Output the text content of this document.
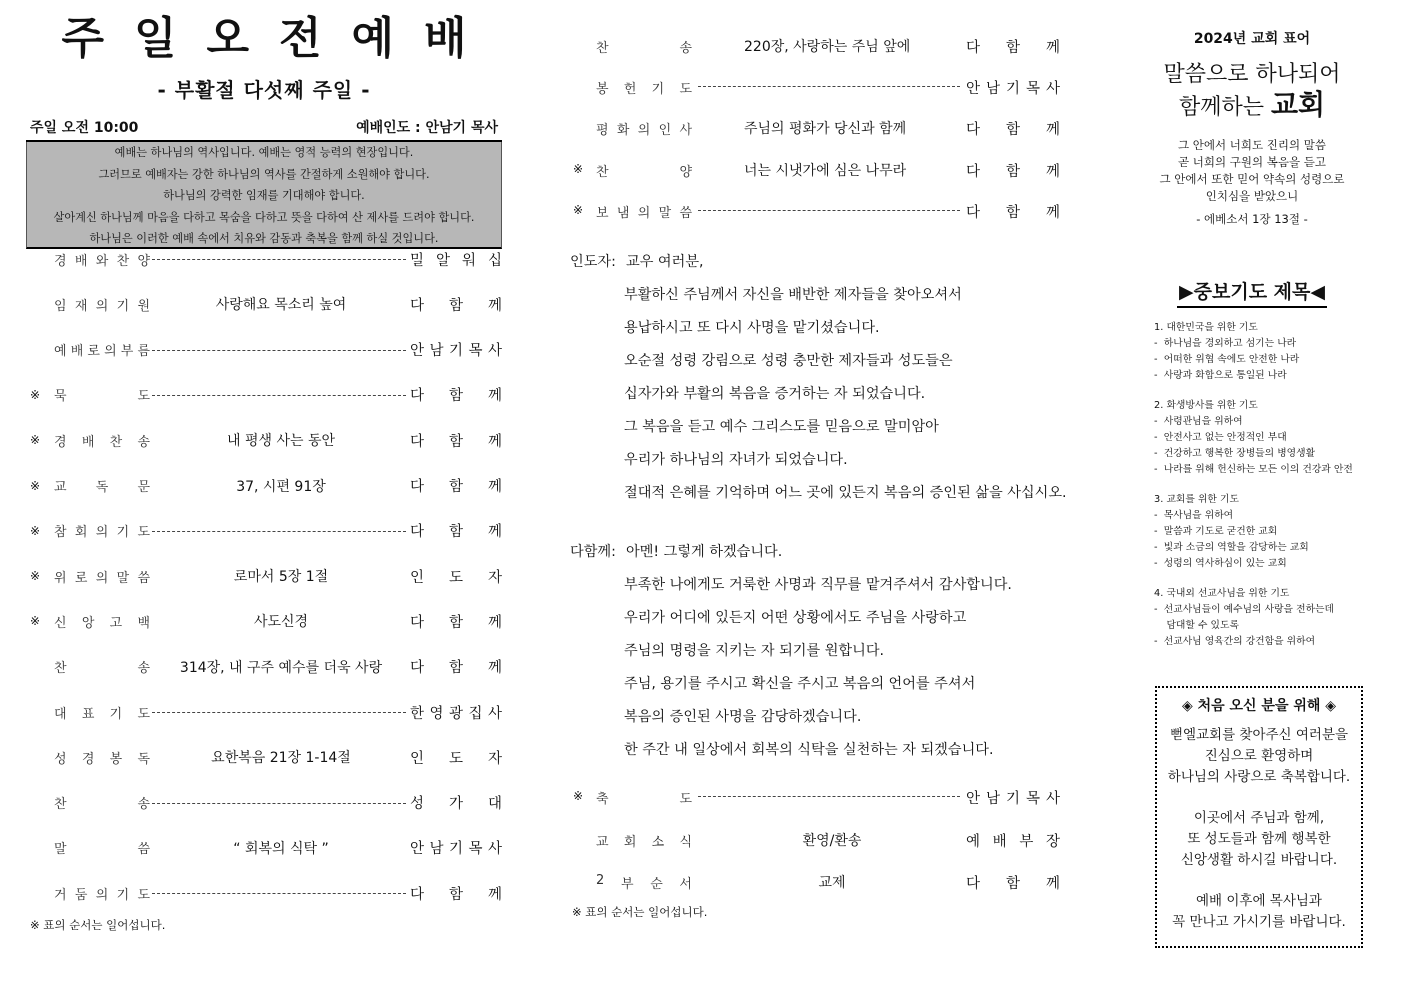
주일오전예배
- 부활절 다섯째 주일 -
주일 오전 10:00	예배인도 : 안남기 목사
예배는 하나님의 역사입니다. 예배는 영적 능력의 현장입니다.
그러므로 예배자는 강한 하나님의 역사를 간절하게 소원해야 합니다.
하나님의 강력한 임재를 기대해야 합니다.
살아계신 하나님께 마음을 다하고 목숨을 다하고 뜻을 다하여 산 제사를 드려야 합니다.
하나님은 이러한 예배 속에서 치유와 감동과 축복을 함께 하실 것입니다.
경 배 와 찬 양	밀 알 워 십
임 재 의 기 원	사랑해요 목소리 높여	다 함 께
예 배 로 의 부 름	안 남 기 목 사
※	묵	도	다 함 께
※	경 배 찬 송	내 평생 사는 동안	다 함 께
※	교 독 문	37, 시편 91장	다 함 께
※	참 회 의 기 도	다 함 께
※	위 로 의 말 씀	로마서 5장 1절	인 도 자
※	신 앙 고 백	사도신경	다 함 께
찬	송	314장, 내 구주 예수를 더욱 사랑	다 함 께
대 표 기 도	한 영 광 집 사
성 경 봉 독	요한복음 21장 1-14절	인 도 자
찬	송	성 가 대
말	씀	“ 회복의 식탁 ”	안 남 기 목 사
거 둠 의 기 도	다 함 께
※ 표의 순서는 일어섭니다.
찬	송	220장, 사랑하는 주님 앞에	다 함 께
봉 헌 기 도	안 남 기 목 사
평 화 의 인 사	주님의 평화가 당신과 함께	다 함 께
※ 찬	양	너는 시냇가에 심은 나무라	다 함 께
※ 보 냄 의 말 씀	다 함 께
인도자: 교우 여러분,
부활하신 주님께서 자신을 배반한 제자들을 찾아오셔서
용납하시고 또 다시 사명을 맡기셨습니다.
오순절 성령 강림으로 성령 충만한 제자들과 성도들은
십자가와 부활의 복음을 증거하는 자 되었습니다.
그 복음을 듣고 예수 그리스도를 믿음으로 말미암아
우리가 하나님의 자녀가 되었습니다.
절대적 은혜를 기억하며 어느 곳에 있든지 복음의 증인된 삶을 사십시오.
다함께: 아멘! 그렇게 하겠습니다.
부족한 나에게도 거룩한 사명과 직무를 맡겨주셔서 감사합니다.
우리가 어디에 있든지 어떤 상황에서도 주님을 사랑하고
주님의 명령을 지키는 자 되기를 원합니다.
주님, 용기를 주시고 확신을 주시고 복음의 언어를 주셔서
복음의 증인된 사명을 감당하겠습니다.
한 주간 내 일상에서 회복의 식탁을 실천하는 자 되겠습니다.
※ 축	도	안 남 기 목 사
교 회 소 식	환영/환송	예 배 부 장
2 부 순 서	교제	다 함 께
※ 표의 순서는 일어섭니다.
2024년 교회 표어
말씀으로 하나되어
함께하는 교회
그 안에서 너희도 진리의 말씀
곧 너희의 구원의 복음을 듣고
그 안에서 또한 믿어 약속의 성령으로
인치심을 받았으니
- 에베소서 1장 13절 -
▶중보기도 제목◀
1. 대한민국을 위한 기도
-  하나님을 경외하고 섬기는 나라
-  어떠한 위협 속에도 안전한 나라
-  사랑과 화합으로 통일된 나라
2. 화생방사를 위한 기도
-  사령관님을 위하여
-  안전사고 없는 안정적인 부대
-  건강하고 행복한 장병들의 병영생활
-  나라를 위해 헌신하는 모든 이의 건강과 안전
3. 교회를 위한 기도
-  목사님을 위하여
-  말씀과 기도로 굳건한 교회
-  빛과 소금의 역할을 감당하는 교회
-  성령의 역사하심이 있는 교회
4. 국내외 선교사님을 위한 기도
-  선교사님들이 예수님의 사랑을 전하는데
담대할 수 있도록
-  선교사님 영육간의 강건함을 위하여
◈ 처음 오신 분을 위해 ◈
뻗엘교회를 찾아주신 여러분을
진심으로 환영하며
하나님의 사랑으로 축복합니다.
이곳에서 주님과 함께,
또 성도들과 함께 행복한
신앙생활 하시길 바랍니다.
예배 이후에 목사님과
꼭 만나고 가시기를 바랍니다.
